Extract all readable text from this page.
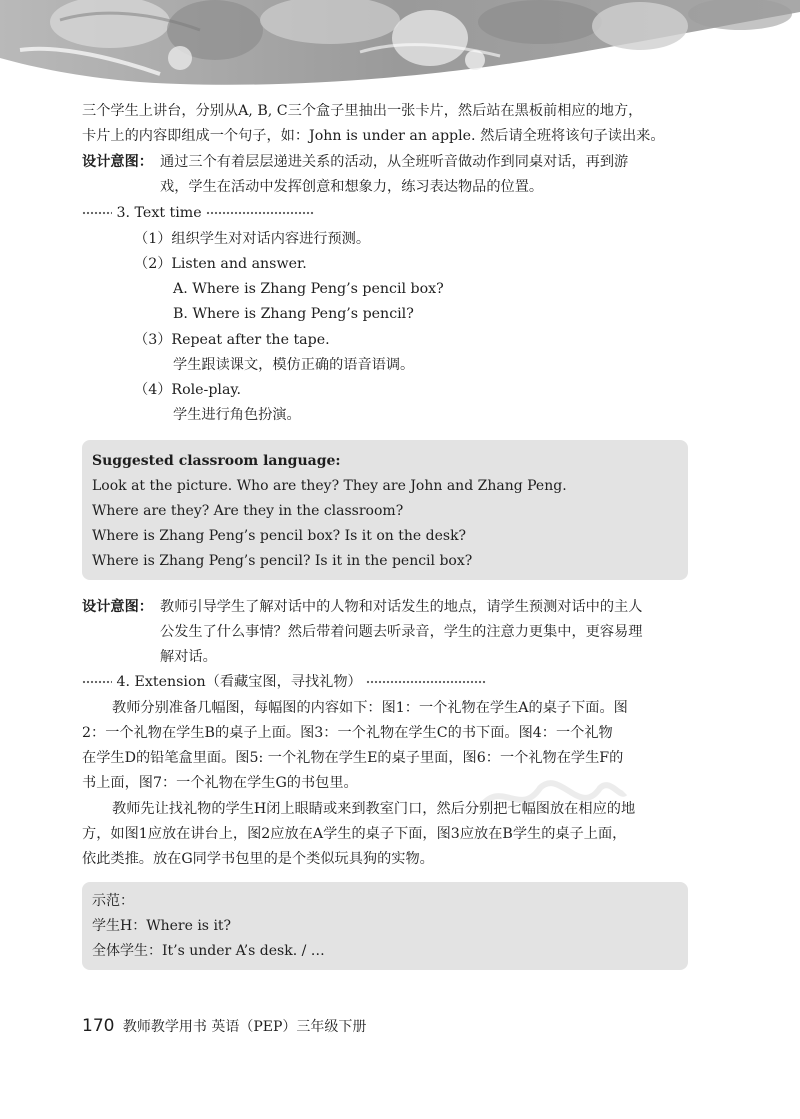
三个学生上讲台，分别从A, B, C三个盒子里抽出一张卡片，然后站在黑板前相应的地方，
卡片上的内容即组成一个句子，如：John is under an apple. 然后请全班将该句子读出来。
设计意图： 通过三个有着层层递进关系的活动，从全班听音做动作到同桌对话，再到游
戏，学生在活动中发挥创意和想象力，练习表达物品的位置。
3. Text time
（1）组织学生对对话内容进行预测。
（2）Listen and answer.
A. Where is Zhang Peng’s pencil box?
B. Where is Zhang Peng’s pencil?
（3）Repeat after the tape.
学生跟读课文，模仿正确的语音语调。
（4）Role-play.
学生进行角色扮演。
Suggested classroom language:
Look at the picture. Who are they? They are John and Zhang Peng.
Where are they? Are they in the classroom?
Where is Zhang Peng’s pencil box? Is it on the desk?
Where is Zhang Peng’s pencil? Is it in the pencil box?
设计意图： 教师引导学生了解对话中的人物和对话发生的地点，请学生预测对话中的主人
公发生了什么事情？然后带着问题去听录音，学生的注意力更集中，更容易理
解对话。
4. Extension（看藏宝图，寻找礼物）
教师分别准备几幅图，每幅图的内容如下：图1：一个礼物在学生A的桌子下面。图
2：一个礼物在学生B的桌子上面。图3：一个礼物在学生C的书下面。图4：一个礼物
在学生D的铅笔盒里面。图5: 一个礼物在学生E的桌子里面，图6：一个礼物在学生F的
书上面，图7：一个礼物在学生G的书包里。
教师先让找礼物的学生H闭上眼睛或来到教室门口，然后分别把七幅图放在相应的地
方，如图1应放在讲台上，图2应放在A学生的桌子下面，图3应放在B学生的桌子上面，
依此类推。放在G同学书包里的是个类似玩具狗的实物。
示范：
学生H：Where is it?
全体学生：It’s under A’s desk. / …
170 教师教学用书 英语（PEP）三年级下册
